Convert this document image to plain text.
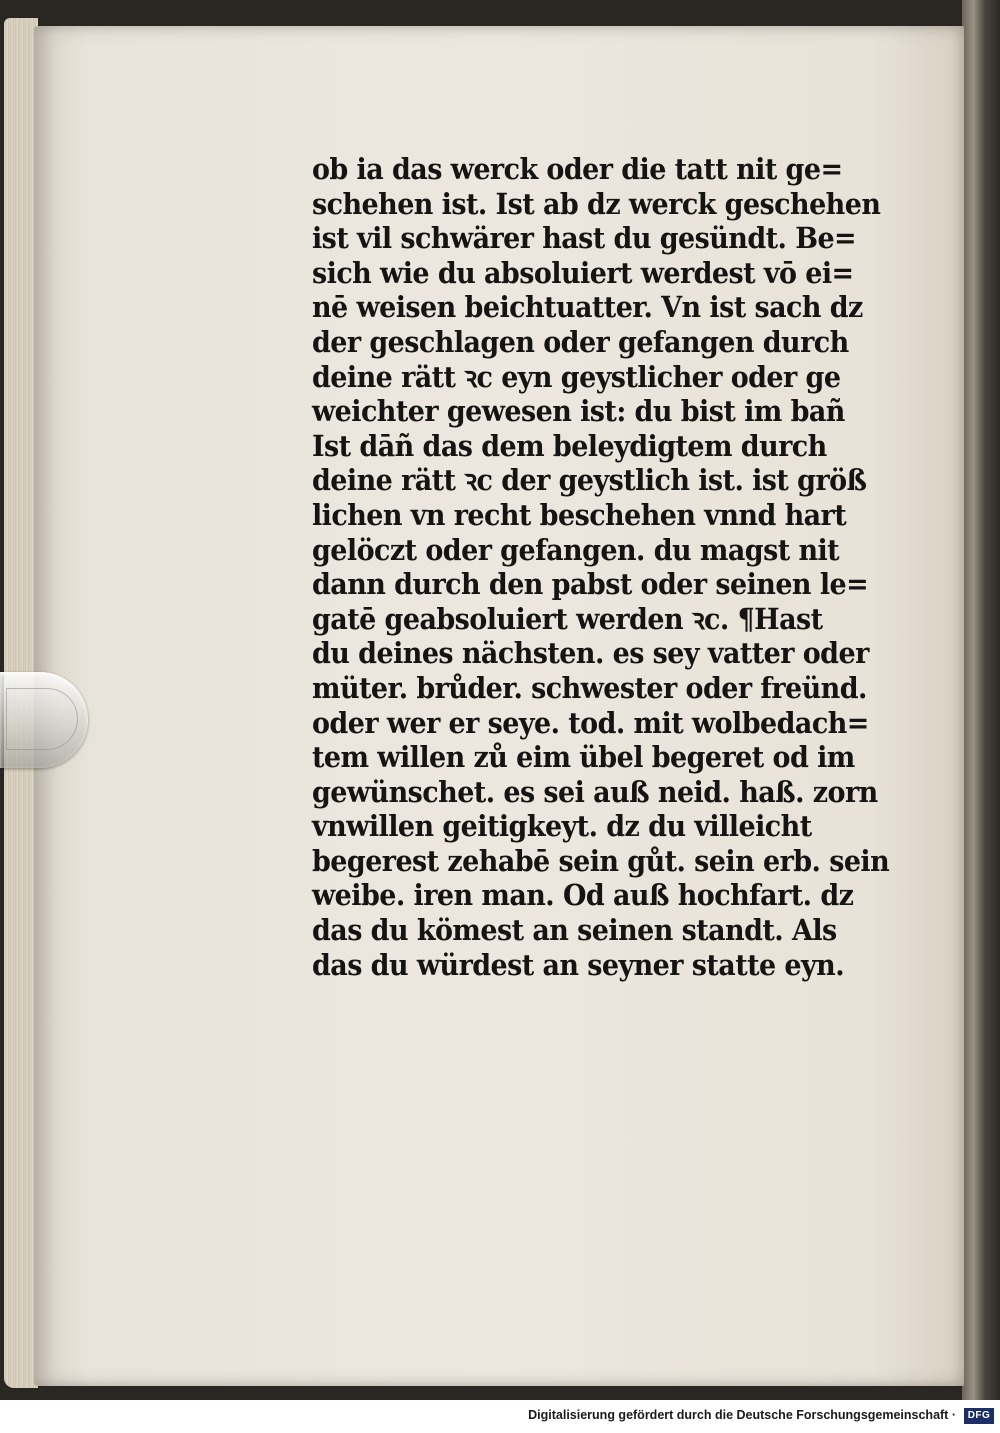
ob ia das werck oder die tatt nit ge=
schehen ist. Ist ab dz werck geschehen
ist vil schwärer hast du gesündt. Be=
sich wie du absoluiert werdest vō ei=
nē weisen beichtuatter. Vn ist sach dz
der geschlagen oder gefangen durch
deine rätt ꝛc eyn geystlicher oder ge
weichter gewesen ist: du bist im bañ
Ist dāñ das dem beleydigtem durch
deine rätt ꝛc der geystlich ist. ist größ
lichen vn recht beschehen vnnd hart
gelöczt oder gefangen. du magst nit
dann durch den pabst oder seinen le=
gatē geabsoluiert werden ꝛc. ¶Hast
du deines nächsten. es sey vatter oder
müter. brůder. schwester oder freünd.
oder wer er seye. tod. mit wolbedach=
tem willen zů eim übel begeret od im
gewünschet. es sei auß neid. haß. zorn
vnwillen geitigkeyt. dz du villeicht
begerest zehabē sein gůt. sein erb. sein
weibe. iren man. Od auß hochfart. dz
das du kömest an seinen standt. Als
das du würdest an seyner statte eyn.
Digitalisierung gefördert durch die Deutsche Forschungsgemeinschaft ·	DFG
